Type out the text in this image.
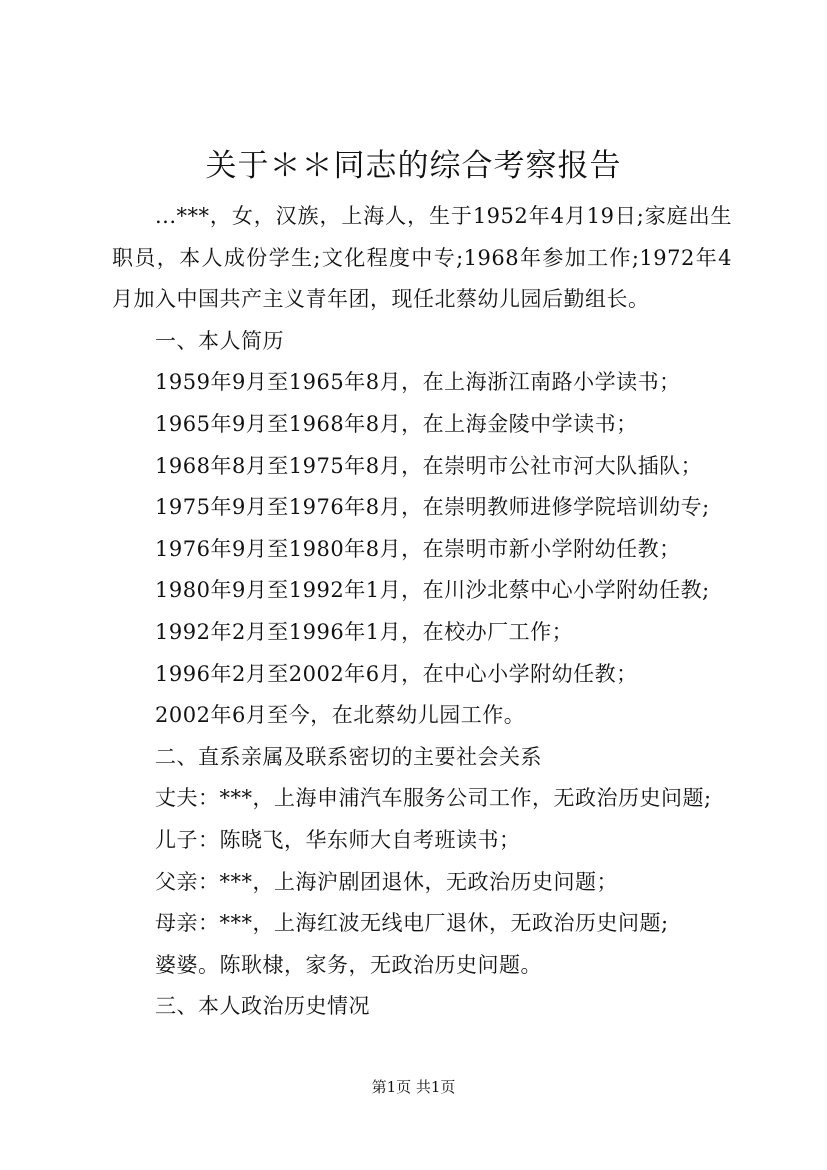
关于＊＊同志的综合考察报告

...***，女，汉族，上海人，生于1952年4月19日;家庭出生职员，本人成份学生;文化程度中专;1968年参加工作;1972年4月加入中国共产主义青年团，现任北蔡幼儿园后勤组长。

一、本人简历

1959年9月至1965年8月，在上海浙江南路小学读书；

1965年9月至1968年8月，在上海金陵中学读书；

1968年8月至1975年8月，在崇明市公社市河大队插队；

1975年9月至1976年8月，在崇明教师进修学院培训幼专;

1976年9月至1980年8月，在崇明市新小学附幼任教；

1980年9月至1992年1月，在川沙北蔡中心小学附幼任教;

1992年2月至1996年1月，在校办厂工作；

1996年2月至2002年6月，在中心小学附幼任教；

2002年6月至今，在北蔡幼儿园工作。

二、直系亲属及联系密切的主要社会关系

丈夫：***，上海申浦汽车服务公司工作，无政治历史问题;

儿子：陈晓飞，华东师大自考班读书；

父亲：***，上海沪剧团退休，无政治历史问题；

母亲：***，上海红波无线电厂退休，无政治历史问题;

婆婆。陈耿棣，家务，无政治历史问题。

三、本人政治历史情况

第1页 共1页
